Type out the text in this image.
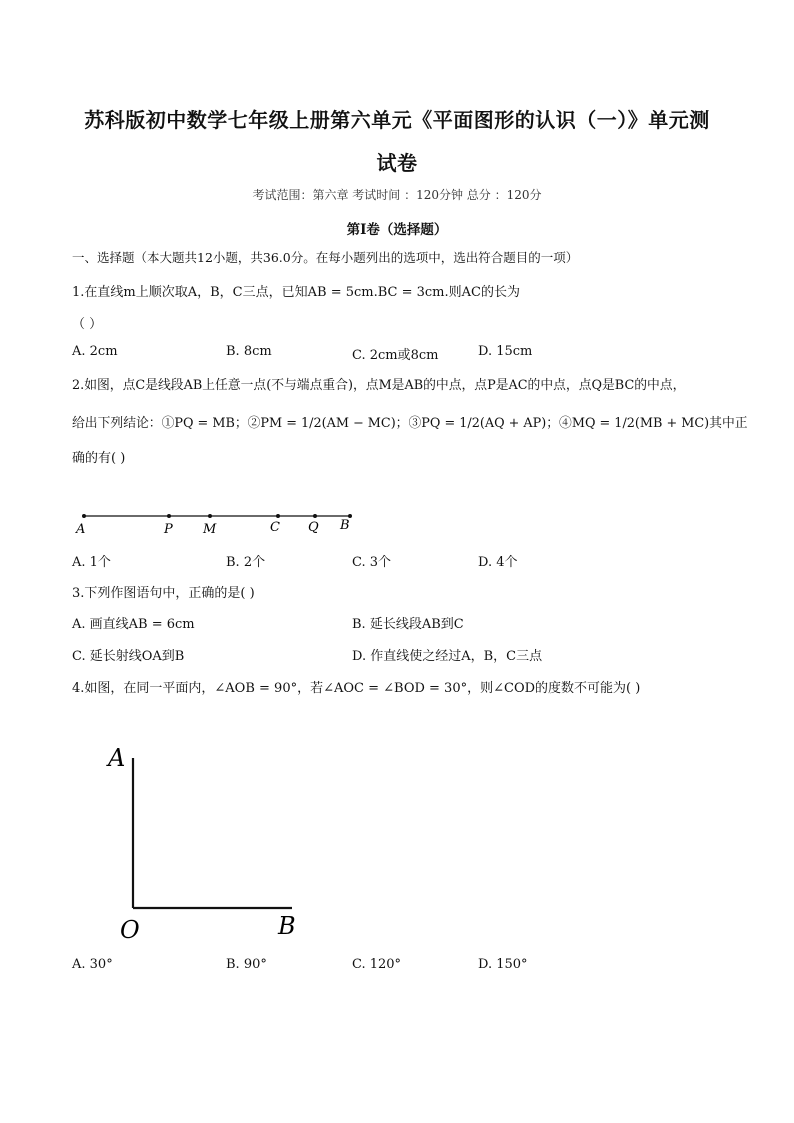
苏科版初中数学七年级上册第六单元《平面图形的认识（一）》单元测
试卷
考试范围：第六章 考试时间 ：120分钟 总分 ：120分
第I卷（选择题）
一、选择题（本大题共12小题，共36.0分。在每小题列出的选项中，选出符合题目的一项）
1.在直线m上顺次取A，B，C三点，已知AB = 5cm.BC = 3cm.则AC的长为
（ ）
A. 2cm	B. 8cm	C. 2cm或8cm	D. 15cm
2.如图，点C是线段AB上任意一点(不与端点重合)，点M是AB的中点，点P是AC的中点，点Q是BC的中点，
给出下列结论：①PQ = MB；②PM = 1/2(AM − MC)；③PQ = 1/2(AQ + AP)；④MQ = 1/2(MB + MC)其中正
确的有( )
A	P M	C Q B
A. 1个	B. 2个	C. 3个	D. 4个
3.下列作图语句中，正确的是( )
A. 画直线AB = 6cm	B. 延长线段AB到C
C. 延长射线OA到B	D. 作直线使之经过A，B，C三点
4.如图，在同一平面内，∠AOB = 90°，若∠AOC = ∠BOD = 30°，则∠COD的度数不可能为( )
A
O	B
A. 30°	B. 90°	C. 120°	D. 150°
